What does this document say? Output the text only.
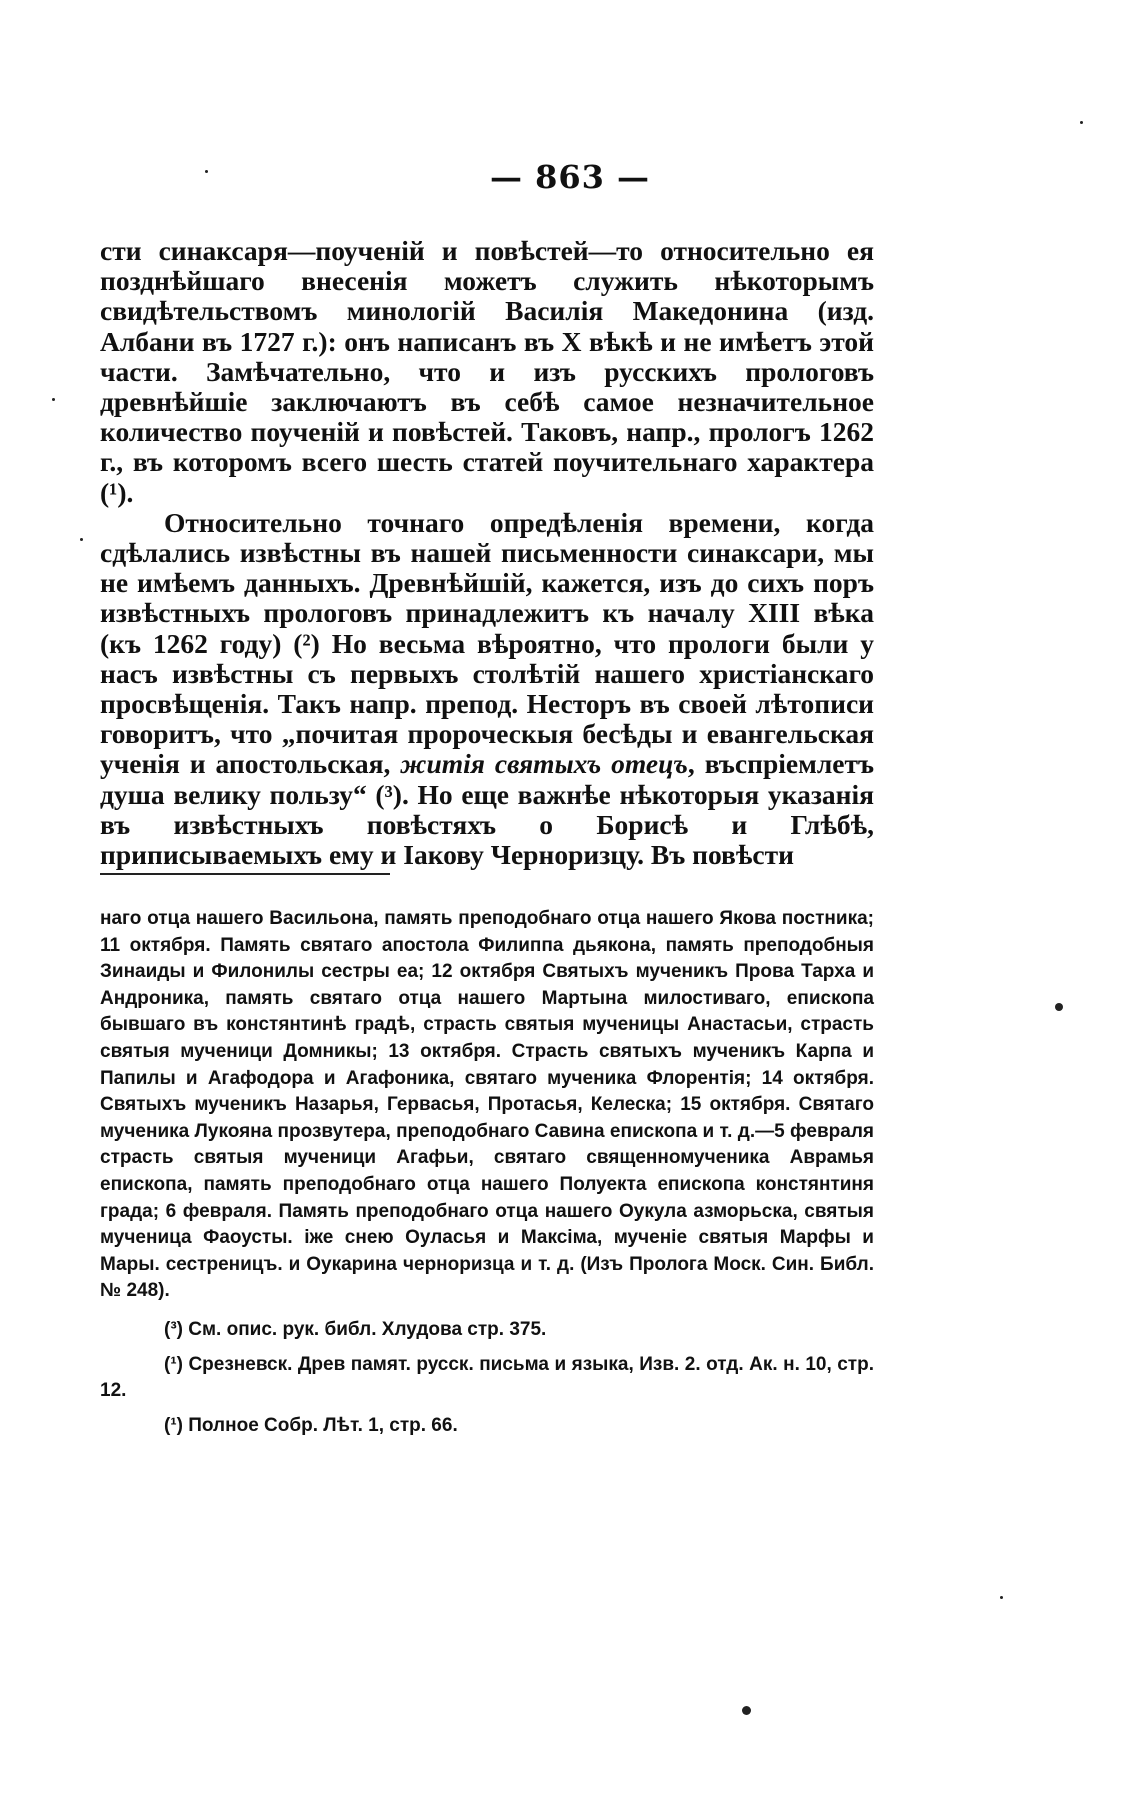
— 863 —

сти синаксаря—поученій и повѣстей—то относительно ея позднѣйшаго внесенія можетъ служить нѣкоторымъ свидѣтельствомъ минологій Василія Македонина (изд. Албани въ 1727 г.): онъ написанъ въ X вѣкѣ и не имѣетъ этой части. Замѣчательно, что и изъ русскихъ прологовъ древнѣйшіе заключаютъ въ себѣ самое незначительное количество поученій и повѣстей. Таковъ, напр., прологъ 1262 г., въ которомъ всего шесть статей поучительнаго характера (¹).

Относительно точнаго опредѣленія времени, когда сдѣлались извѣстны въ нашей письменности синаксари, мы не имѣемъ данныхъ. Древнѣйшій, кажется, изъ до сихъ поръ извѣстныхъ прологовъ принадлежитъ къ началу XIII вѣка (къ 1262 году) (²) Но весьма вѣроятно, что прологи были у насъ извѣстны съ первыхъ столѣтій нашего христіанскаго просвѣщенія. Такъ напр. препод. Несторъ въ своей лѣтописи говоритъ, что „почитая пророческыя бесѣды и евангельская ученія и апостольская, житія святыхъ отецъ, въспріемлетъ душа велику пользу“ (³). Но еще важнѣе нѣкоторыя указанія въ извѣстныхъ повѣстяхъ о Борисѣ и Глѣбѣ, приписываемыхъ ему и Іакову Черноризцу. Въ повѣсти

наго отца нашего Васильона, память преподобнаго отца нашего Якова постника; 11 октября. Память святаго апостола Филиппа дьякона, память преподобныя Зинаиды и Филонилы сестры еа; 12 октября Святыхъ мученикъ Прова Тарха и Андроника, память святаго отца нашего Мартына милостиваго, епископа бывшаго въ констянтинѣ градѣ, страсть святыя мученицы Анастасьи, страсть святыя мученици Домникы; 13 октября. Страсть святыхъ мученикъ Карпа и Папилы и Агафодора и Агафоника, святаго мученика Флорентія; 14 октября. Святыхъ мученикъ Назарья, Гервасья, Протасья, Келеска; 15 октября. Святаго мученика Лукояна прозвутера, преподобнаго Савина епископа и т. д.—5 февраля страсть святыя мученици Агафьи, святаго священномученика Аврамья епископа, память преподобнаго отца нашего Полуекта епископа констянтиня града; 6 февраля. Память преподобнаго отца нашего Оукула азморьска, святыя мученица Фаоусты. іже снею Оуласья и Максіма, мученіе святыя Марфы и Мары. сестреницъ. и Оукарина черноризца и т. д. (Изъ Пролога Моск. Син. Библ. № 248).

(³) См. опис. рук. библ. Хлудова стр. 375.

(¹) Срезневск. Древ памят. русск. письма и языка, Изв. 2. отд. Ак. н. 10, стр. 12.

(¹) Полное Собр. Лѣт. 1, стр. 66.
